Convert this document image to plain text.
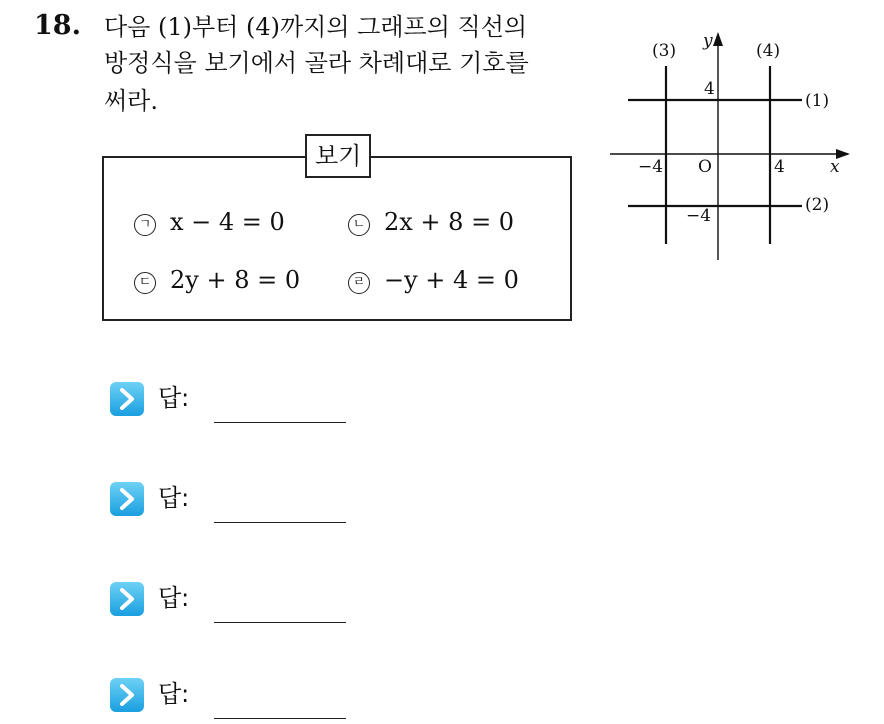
18. 다음 (1)부터 (4)까지의 그래프의 직선의
방정식을 보기에서 골라 차례대로 기호를
써라.
보기
ㄱ x − 4 = 0	ㄴ 2x + 8 = 0
ㄷ 2y + 8 = 0	ㄹ −y + 4 = 0
y
x
O
4
−4
−4	4
(1)
(2)
(3)	(4)
답:
답:
답:
답:
